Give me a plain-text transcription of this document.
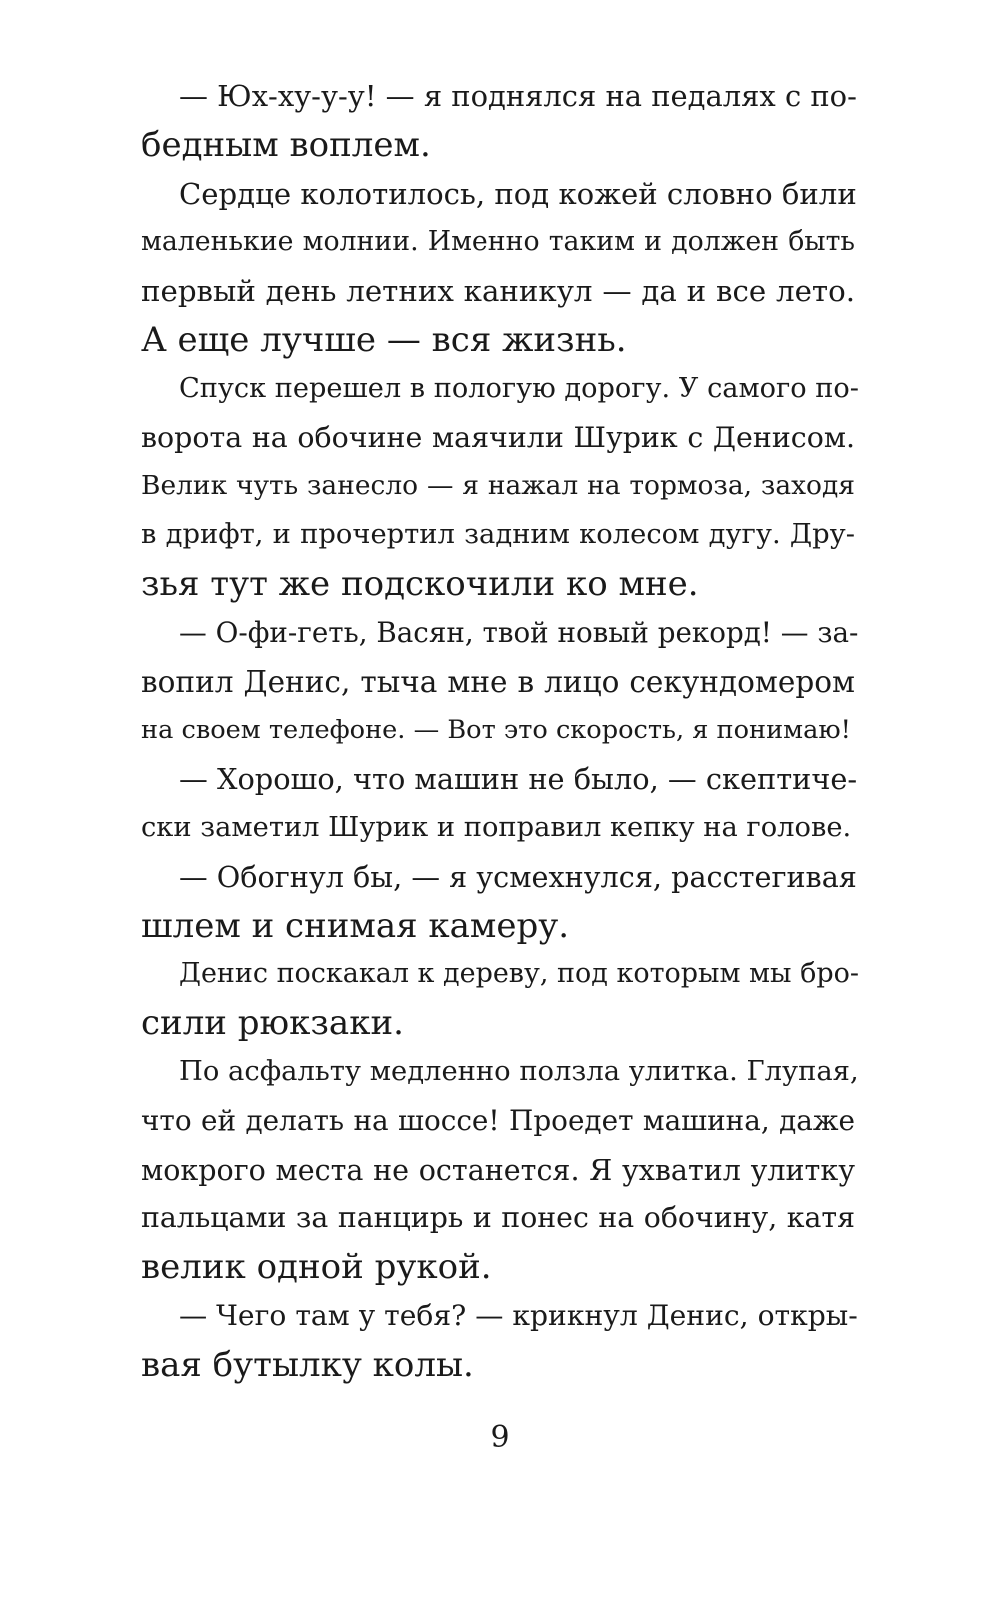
— Юх-ху-у-у! — я поднялся на педалях с по-
бедным воплем.

Сердце колотилось, под кожей словно били
маленькие молнии. Именно таким и должен быть
первый день летних каникул — да и все лето.
А еще лучше — вся жизнь.

Спуск перешел в пологую дорогу. У самого по-
ворота на обочине маячили Шурик с Денисом.
Велик чуть занесло — я нажал на тормоза, заходя
в дрифт, и прочертил задним колесом дугу. Дру-
зья тут же подскочили ко мне.

— О-фи-геть, Васян, твой новый рекорд! — за-
вопил Денис, тыча мне в лицо секундомером
на своем телефоне. — Вот это скорость, я понимаю!

— Хорошо, что машин не было, — скептиче-
ски заметил Шурик и поправил кепку на голове.

— Обогнул бы, — я усмехнулся, расстегивая
шлем и снимая камеру.

Денис поскакал к дереву, под которым мы бро-
сили рюкзаки.

По асфальту медленно ползла улитка. Глупая,
что ей делать на шоссе! Проедет машина, даже
мокрого места не останется. Я ухватил улитку
пальцами за панцирь и понес на обочину, катя
велик одной рукой.

— Чего там у тебя? — крикнул Денис, откры-
вая бутылку колы.

9
